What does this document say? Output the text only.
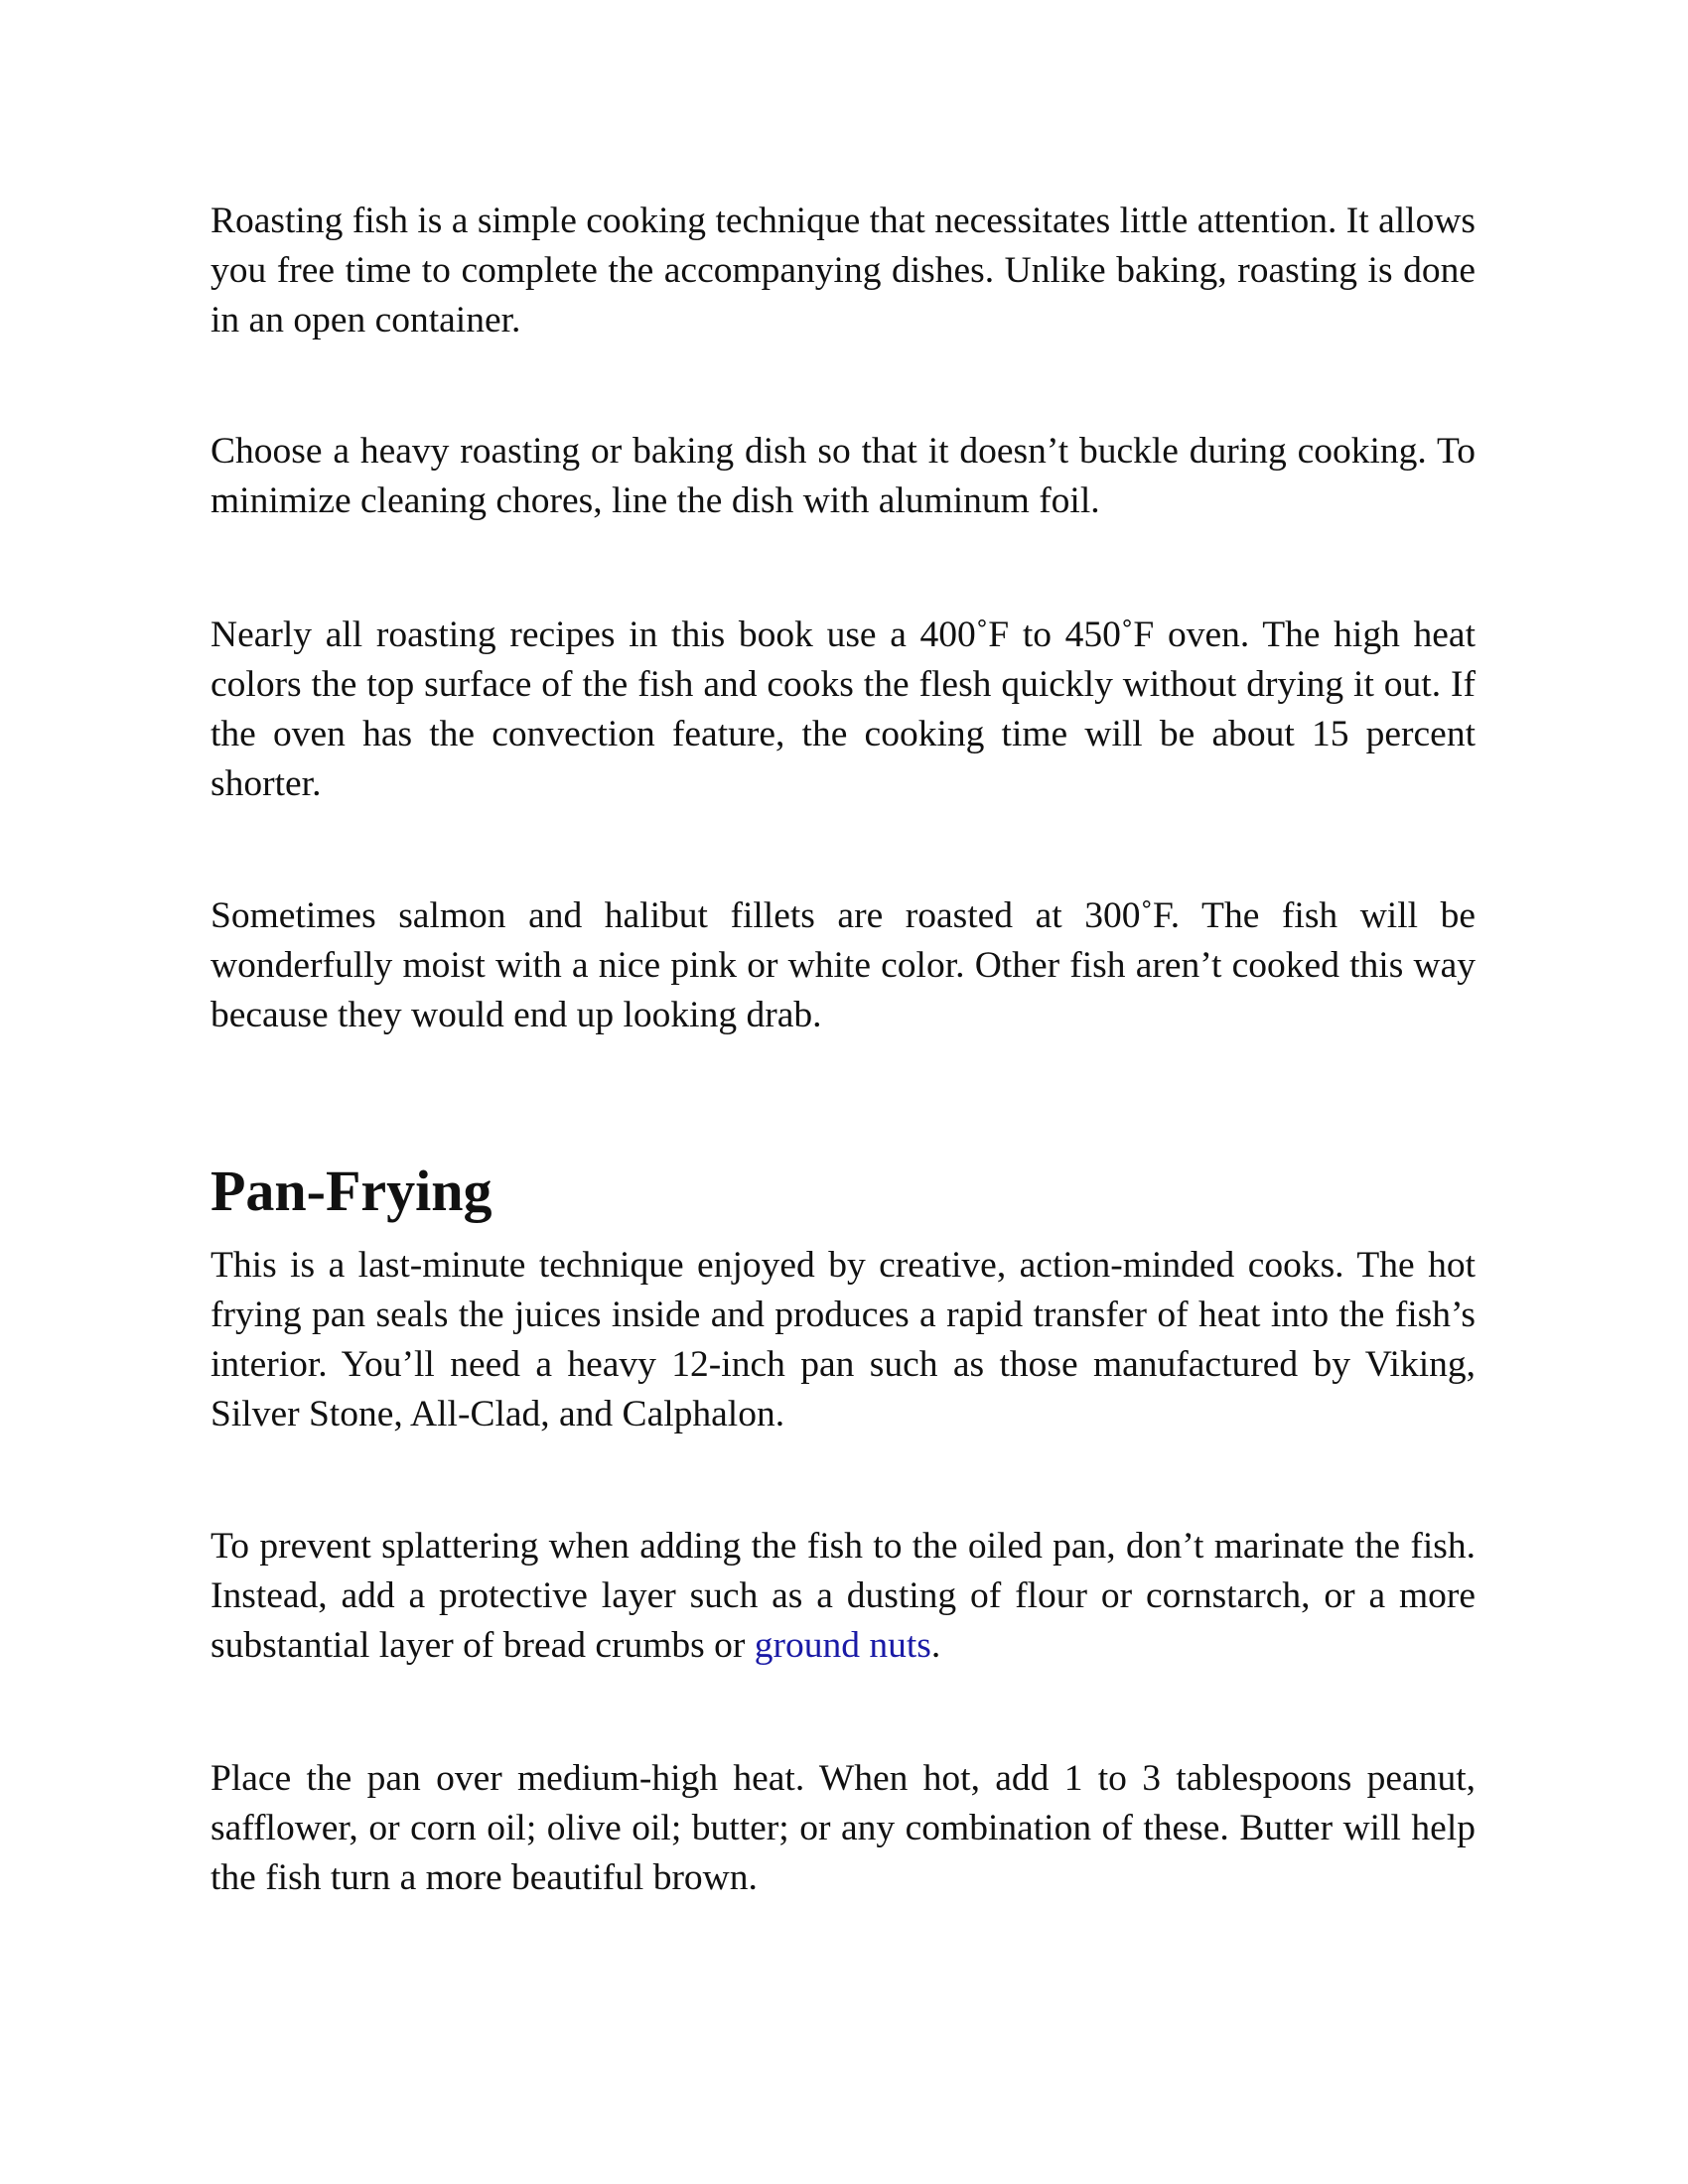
Roasting fish is a simple cooking technique that necessitates little attention. It allows you free time to complete the accompanying dishes. Unlike baking, roasting is done in an open container.

Choose a heavy roasting or baking dish so that it doesn’t buckle during cooking. To minimize cleaning chores, line the dish with aluminum foil.

Nearly all roasting recipes in this book use a 400˚F to 450˚F oven. The high heat colors the top surface of the fish and cooks the flesh quickly without drying it out. If the oven has the convection feature, the cooking time will be about 15 percent shorter.

Sometimes salmon and halibut fillets are roasted at 300˚F. The fish will be wonderfully moist with a nice pink or white color. Other fish aren’t cooked this way because they would end up looking drab.

Pan-Frying

This is a last-minute technique enjoyed by creative, action-minded cooks. The hot frying pan seals the juices inside and produces a rapid transfer of heat into the fish’s interior. You’ll need a heavy 12-inch pan such as those manufactured by Viking, Silver Stone, All-Clad, and Calphalon.

To prevent splattering when adding the fish to the oiled pan, don’t marinate the fish. Instead, add a protective layer such as a dusting of flour or cornstarch, or a more substantial layer of bread crumbs or ground nuts.

Place the pan over medium-high heat. When hot, add 1 to 3 tablespoons peanut, safflower, or corn oil; olive oil; butter; or any combination of these. Butter will help the fish turn a more beautiful brown.
